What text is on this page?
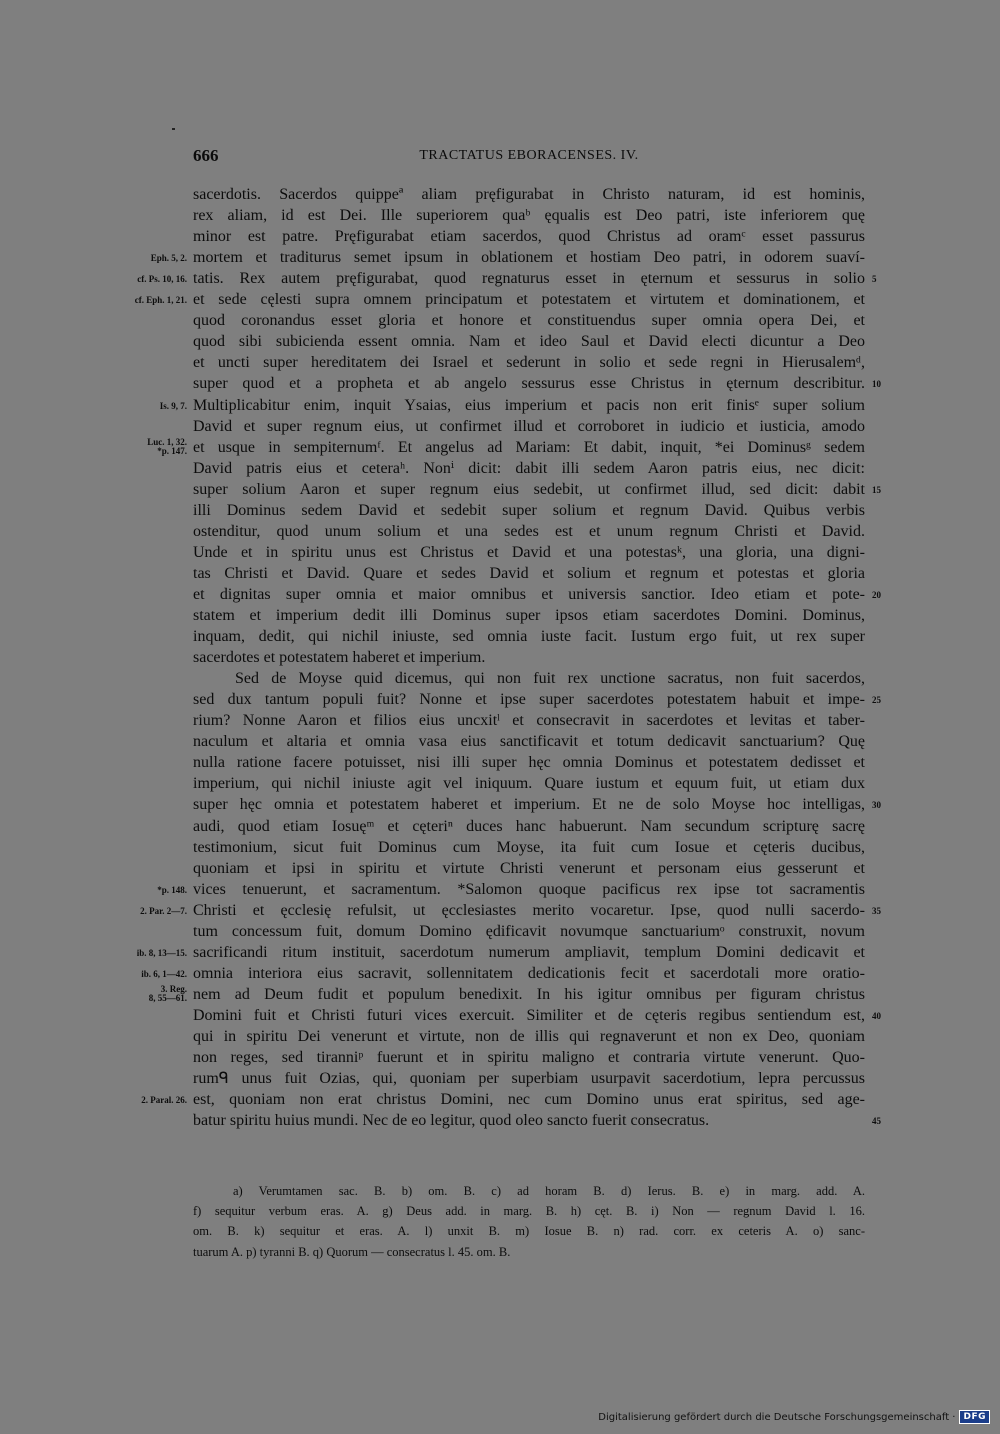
666	TRACTATUS EBORACENSES. IV.
sacerdotis. Sacerdos quippeª aliam pręfigurabat in Christo naturam, id est hominis,
rex aliam, id est Dei. Ille superiorem quaᵇ ęqualis est Deo patri, iste inferiorem quę
minor est patre. Pręfigurabat etiam sacerdos, quod Christus ad oramᶜ esset passurus
mortem et traditurus semet ipsum in oblationem et hostiam Deo patri, in odorem suaví-
Eph. 5, 2.
tatis. Rex autem pręfigurabat, quod regnaturus esset in ęternum et sessurus in solio
cf. Ps. 10, 16.	5
et sede cęlesti supra omnem principatum et potestatem et virtutem et dominationem, et
cf. Eph. 1, 21.
quod coronandus esset gloria et honore et constituendus super omnia opera Dei, et
quod sibi subicienda essent omnia. Nam et ideo Saul et David electi dicuntur a Deo
et uncti super hereditatem dei Israel et sederunt in solio et sede regni in Hierusalemᵈ,
super quod et a propheta et ab angelo sessurus esse Christus in ęternum describitur. 10
Multiplicabitur enim, inquit Ysaias, eius imperium et pacis non erit finisᵉ super solium
Is. 9, 7.
David et super regnum eius, ut confirmet illud et corroboret in iudicio et iusticia, amodo
et usque in sempiternumᶠ. Et angelus ad Mariam: Et dabit, inquit, *ei Dominusᵍ sedem
Luc. 1, 32.
*p. 147.
David patris eius et ceteraʰ. Nonⁱ dicit: dabit illi sedem Aaron patris eius, nec dicit:
super solium Aaron et super regnum eius sedebit, ut confirmet illud, sed dicit: dabit 15
illi Dominus sedem David et sedebit super solium et regnum David. Quibus verbis
ostenditur, quod unum solium et una sedes est et unum regnum Christi et David.
Unde et in spiritu unus est Christus et David et una potestasᵏ, una gloria, una digni-
tas Christi et David. Quare et sedes David et solium et regnum et potestas et gloria
et dignitas super omnia et maior omnibus et universis sanctior. Ideo etiam et pote- 20
statem et imperium dedit illi Dominus super ipsos etiam sacerdotes Domini. Dominus,
inquam, dedit, qui nichil iniuste, sed omnia iuste facit. Iustum ergo fuit, ut rex super
sacerdotes et potestatem haberet et imperium.
Sed de Moyse quid dicemus, qui non fuit rex unctione sacratus, non fuit sacerdos,
sed dux tantum populi fuit? Nonne et ipse super sacerdotes potestatem habuit et impe- 25
rium? Nonne Aaron et filios eius uncxitˡ et consecravit in sacerdotes et levitas et taber-
naculum et altaria et omnia vasa eius sanctificavit et totum dedicavit sanctuarium? Quę
nulla ratione facere potuisset, nisi illi super hęc omnia Dominus et potestatem dedisset et
imperium, qui nichil iniuste agit vel iniquum. Quare iustum et equum fuit, ut etiam dux
super hęc omnia et potestatem haberet et imperium. Et ne de solo Moyse hoc intelligas, 30
audi, quod etiam Iosuęᵐ et cęteriⁿ duces hanc habuerunt. Nam secundum scripturę sacrę
testimonium, sicut fuit Dominus cum Moyse, ita fuit cum Iosue et cęteris ducibus,
quoniam et ipsi in spiritu et virtute Christi venerunt et personam eius gesserunt et
vices tenuerunt, et sacramentum. *Salomon quoque pacificus rex ipse tot sacramentis
*p. 148.
Christi et ęcclesię refulsit, ut ęcclesiastes merito vocaretur. Ipse, quod nulli sacerdo-
2. Par. 2—7.	35
tum concessum fuit, domum Domino ędificavit novumque sanctuariumᵒ construxit, novum
sacrificandi ritum instituit, sacerdotum numerum ampliavit, templum Domini dedicavit et
ib. 8, 13—15.
omnia interiora eius sacravit, sollennitatem dedicationis fecit et sacerdotali more oratio-
ib. 6, 1—42.
nem ad Deum fudit et populum benedixit. In his igitur omnibus per figuram christus
3. Reg.
8, 55—61.
Domini fuit et Christi futuri vices exercuit. Similiter et de cęteris regibus sentiendum est, 40
qui in spiritu Dei venerunt et virtute, non de illis qui regnaverunt et non ex Deo, quoniam
non reges, sed tiranniᵖ fuerunt et in spiritu maligno et contraria virtute venerunt. Quo-
rumᑫ unus fuit Ozias, qui, quoniam per superbiam usurpavit sacerdotium, lepra percussus
est, quoniam non erat christus Domini, nec cum Domino unus erat spiritus, sed age-
2. Paral. 26.
batur spiritu huius mundi. Nec de eo legitur, quod oleo sancto fuerit consecratus.	45
a) Verumtamen sac. B. b) om. B. c) ad horam B. d) Ierus. B. e) in marg. add. A.
f) sequitur verbum eras. A. g) Deus add. in marg. B. h) cęt. B. i) Non — regnum David l. 16.
om. B. k) sequitur et eras. A. l) unxit B. m) Iosue B. n) rad. corr. ex ceteris A. o) sanc-
tuarum A. p) tyranni B. q) Quorum — consecratus l. 45. om. B.
Digitalisierung gefördert durch die Deutsche Forschungsgemeinschaft · DFG
